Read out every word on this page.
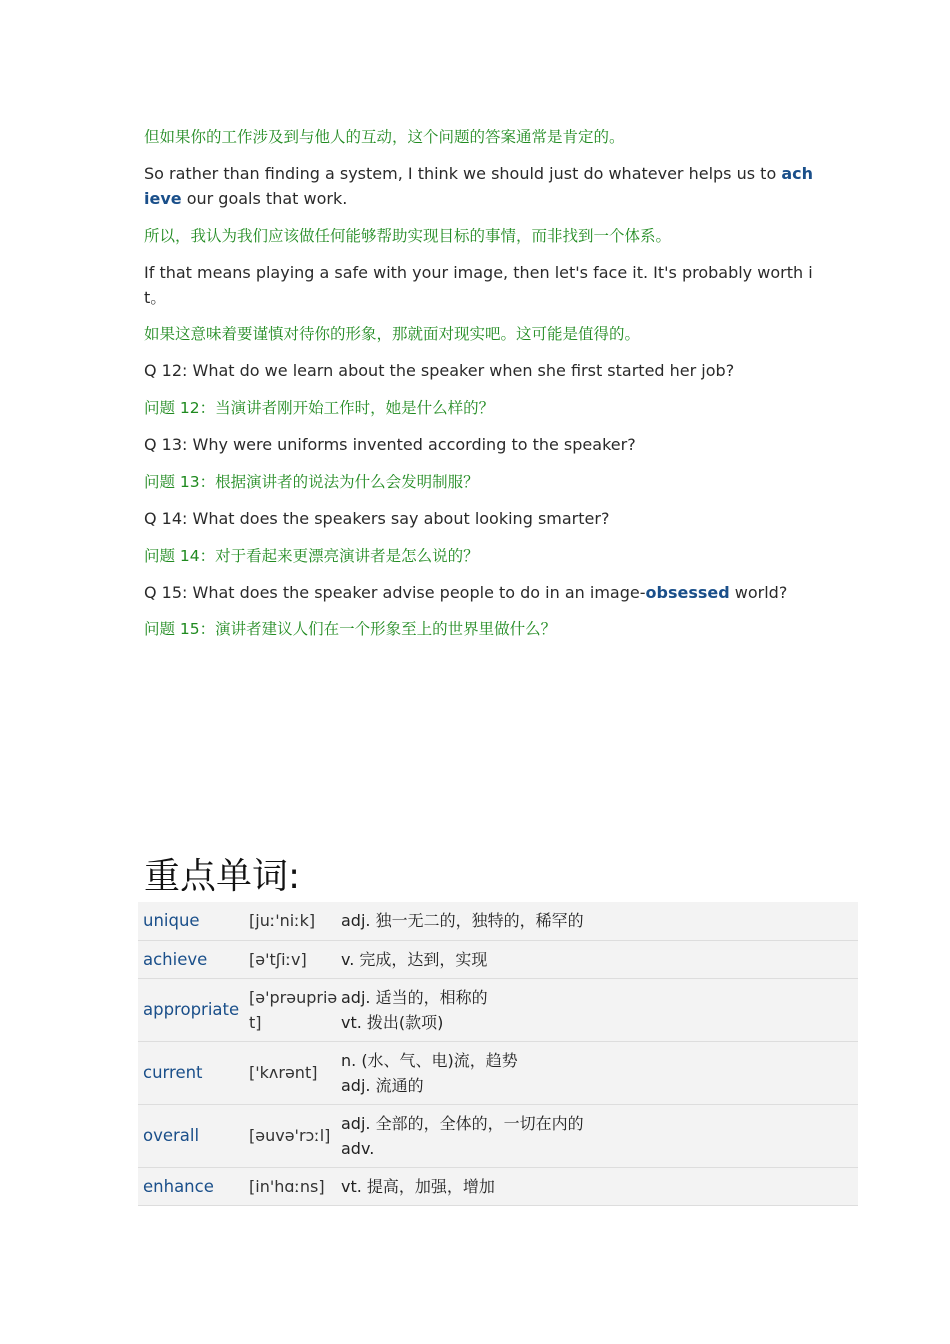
但如果你的工作涉及到与他人的互动，这个问题的答案通常是肯定的。
So rather than finding a system, I think we should just do whatever helps us to achieve our goals that work.
所以，我认为我们应该做任何能够帮助实现目标的事情，而非找到一个体系。
If that means playing a safe with your image, then let's face it. It's probably worth it。
如果这意味着要谨慎对待你的形象，那就面对现实吧。这可能是值得的。
Q 12: What do we learn about the speaker when she first started her job?
问题 12：当演讲者刚开始工作时，她是什么样的？
Q 13: Why were uniforms invented according to the speaker?
问题 13：根据演讲者的说法为什么会发明制服？
Q 14: What does the speakers say about looking smarter?
问题 14：对于看起来更漂亮演讲者是怎么说的？
Q 15: What does the speaker advise people to do in an image-obsessed world?
问题 15：演讲者建议人们在一个形象至上的世界里做什么？
重点单词:
unique	[juː'niːk]	adj. 独一无二的，独特的，稀罕的

achieve	[ə'tʃiːv]	v. 完成，达到，实现

appropriate	[ə'prəupriət]	adj. 适当的，相称的
vt. 拨出(款项)

current	['kʌrənt]	n. (水、气、电)流，趋势
adj. 流通的

overall	[əuvə'rɔːl]	adj. 全部的，全体的，一切在内的
adv.

enhance	[in'hɑːns]	vt. 提高，加强，增加
